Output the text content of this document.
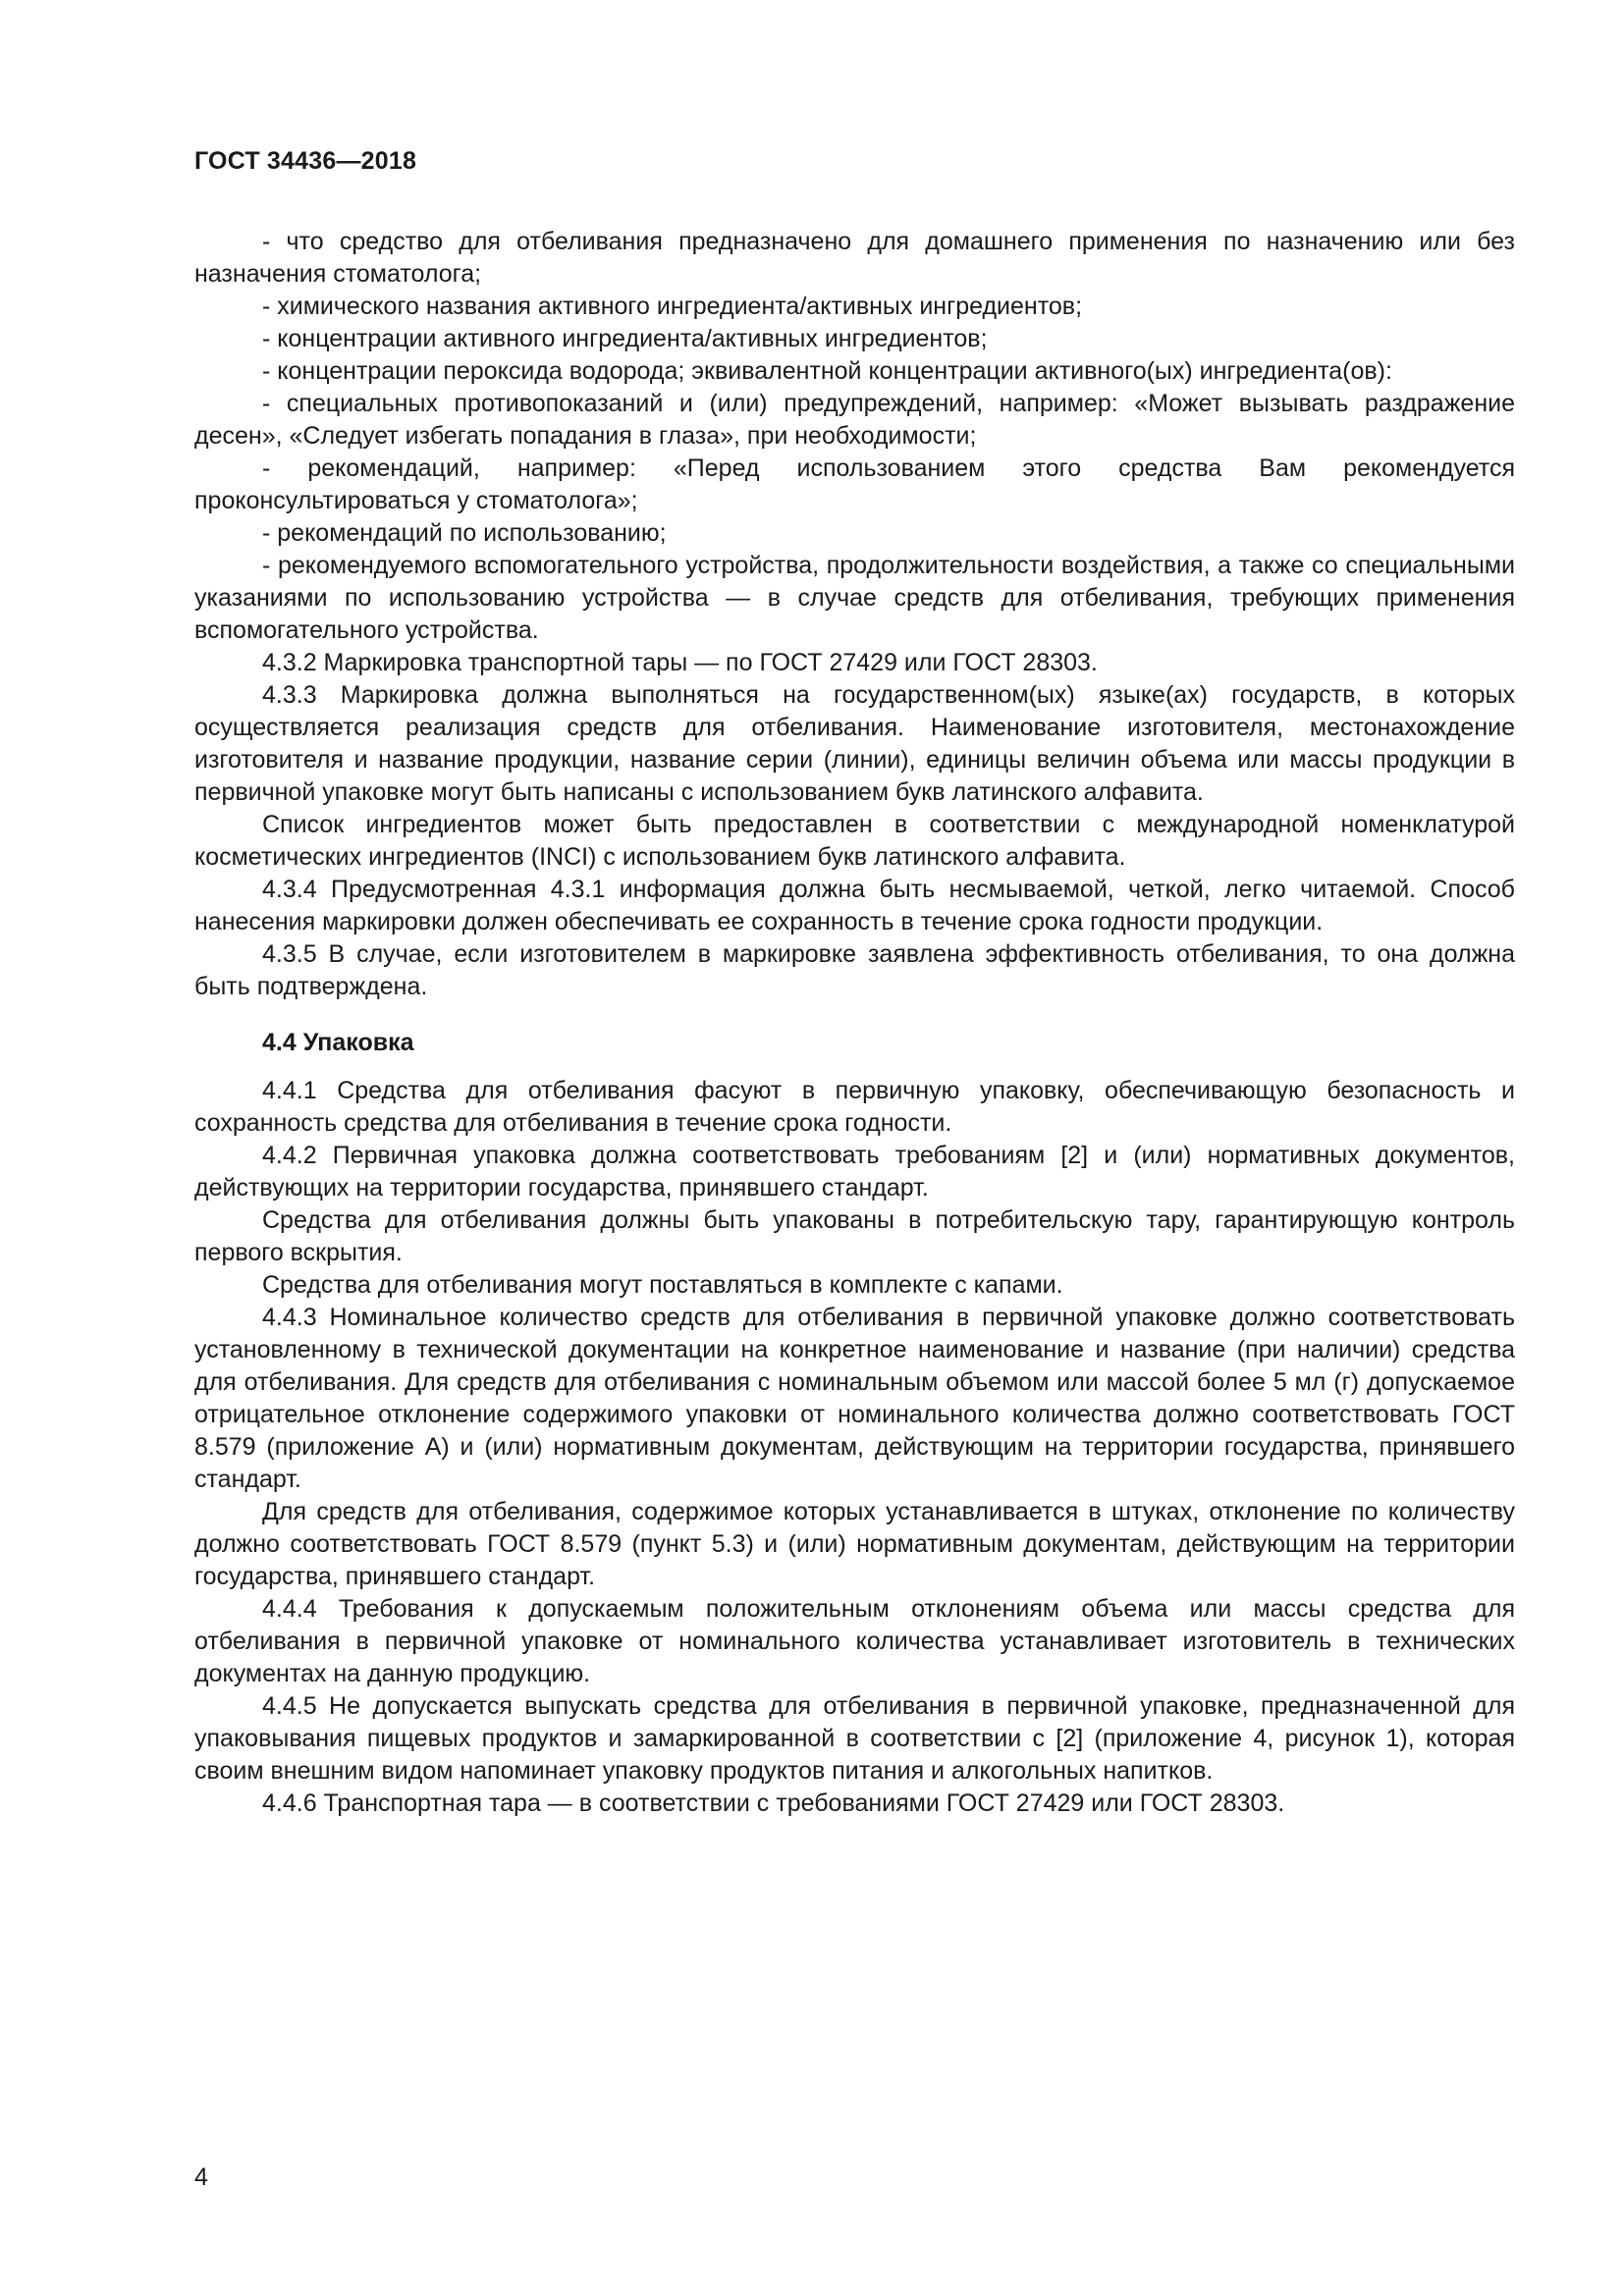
ГОСТ 34436—2018

- что средство для отбеливания предназначено для домашнего применения по назначению или без назначения стоматолога;

- химического названия активного ингредиента/активных ингредиентов;

- концентрации активного ингредиента/активных ингредиентов;

- концентрации пероксида водорода; эквивалентной концентрации активного(ых) ингредиента(ов):

- специальных противопоказаний и (или) предупреждений, например: «Может вызывать раздражение десен», «Следует избегать попадания в глаза», при необходимости;

- рекомендаций, например: «Перед использованием этого средства Вам рекомендуется проконсультироваться у стоматолога»;

- рекомендаций по использованию;

- рекомендуемого вспомогательного устройства, продолжительности воздействия, а также со специальными указаниями по использованию устройства — в случае средств для отбеливания, требующих применения вспомогательного устройства.

4.3.2 Маркировка транспортной тары — по ГОСТ 27429 или ГОСТ 28303.

4.3.3 Маркировка должна выполняться на государственном(ых) языке(ах) государств, в которых осуществляется реализация средств для отбеливания. Наименование изготовителя, местонахождение изготовителя и название продукции, название серии (линии), единицы величин объема или массы продукции в первичной упаковке могут быть написаны с использованием букв латинского алфавита.

Список ингредиентов может быть предоставлен в соответствии с международной номенклатурой косметических ингредиентов (INCI) с использованием букв латинского алфавита.

4.3.4 Предусмотренная 4.3.1 информация должна быть несмываемой, четкой, легко читаемой. Способ нанесения маркировки должен обеспечивать ее сохранность в течение срока годности продукции.

4.3.5 В случае, если изготовителем в маркировке заявлена эффективность отбеливания, то она должна быть подтверждена.

4.4 Упаковка

4.4.1 Средства для отбеливания фасуют в первичную упаковку, обеспечивающую безопасность и сохранность средства для отбеливания в течение срока годности.

4.4.2 Первичная упаковка должна соответствовать требованиям [2] и (или) нормативных документов, действующих на территории государства, принявшего стандарт.

Средства для отбеливания должны быть упакованы в потребительскую тару, гарантирующую контроль первого вскрытия.

Средства для отбеливания могут поставляться в комплекте с капами.

4.4.3 Номинальное количество средств для отбеливания в первичной упаковке должно соответствовать установленному в технической документации на конкретное наименование и название (при наличии) средства для отбеливания. Для средств для отбеливания с номинальным объемом или массой более 5 мл (г) допускаемое отрицательное отклонение содержимого упаковки от номинального количества должно соответствовать ГОСТ 8.579 (приложение А) и (или) нормативным документам, действующим на территории государства, принявшего стандарт.

Для средств для отбеливания, содержимое которых устанавливается в штуках, отклонение по количеству должно соответствовать ГОСТ 8.579 (пункт 5.3) и (или) нормативным документам, действующим на территории государства, принявшего стандарт.

4.4.4 Требования к допускаемым положительным отклонениям объема или массы средства для отбеливания в первичной упаковке от номинального количества устанавливает изготовитель в технических документах на данную продукцию.

4.4.5 Не допускается выпускать средства для отбеливания в первичной упаковке, предназначенной для упаковывания пищевых продуктов и замаркированной в соответствии с [2] (приложение 4, рисунок 1), которая своим внешним видом напоминает упаковку продуктов питания и алкогольных напитков.

4.4.6 Транспортная тара — в соответствии с требованиями ГОСТ 27429 или ГОСТ 28303.

4
